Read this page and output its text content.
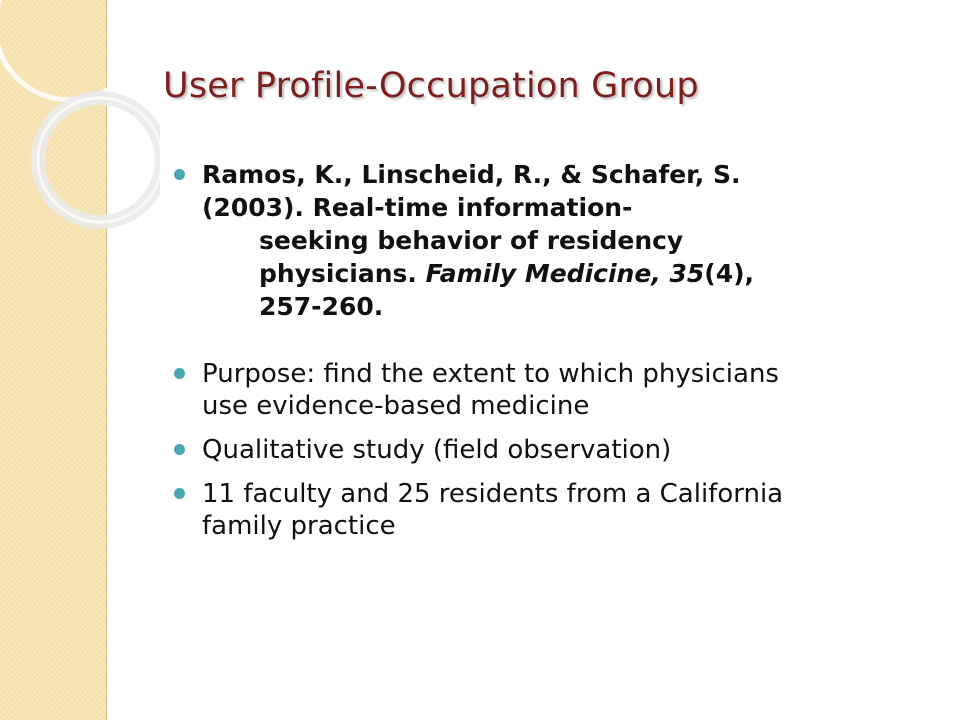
User Profile-Occupation Group
Ramos, K., Linscheid, R., & Schafer, S.
(2003). Real-time information-
seeking behavior of residency
physicians. Family Medicine, 35(4),
257-260.
Purpose: find the extent to which physicians
use evidence-based medicine
Qualitative study (field observation)
11 faculty and 25 residents from a California
family practice
